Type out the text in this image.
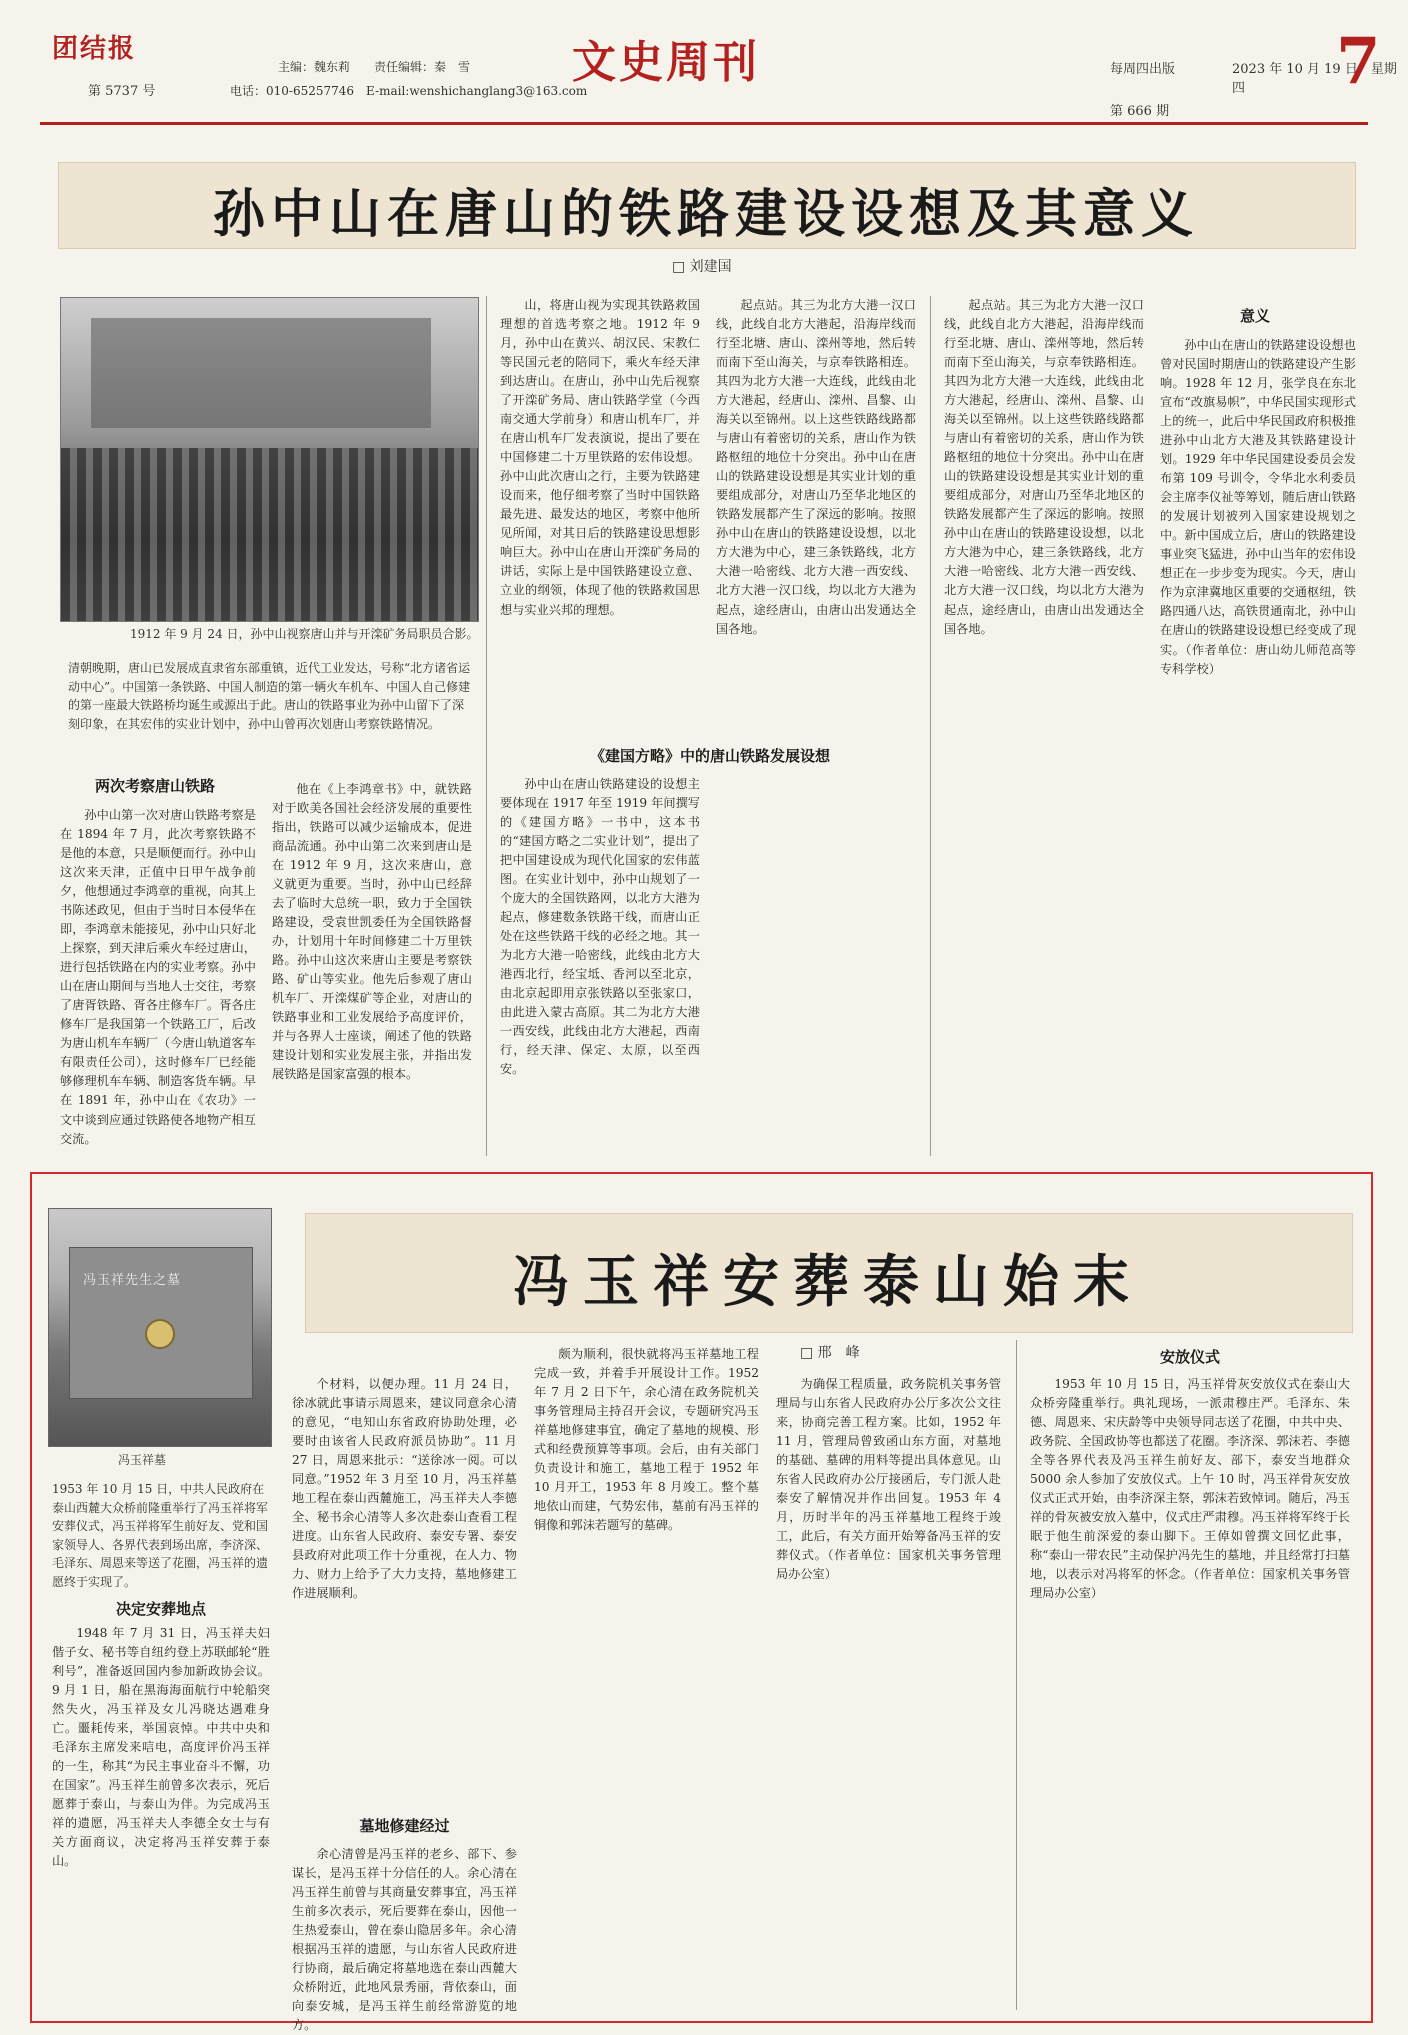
团结报
第 5737 号
主编：魏东莉　　责任编辑：秦　雪
电话：010-65257746　E-mail:wenshichanglang3@163.com
文史周刊	每周四出版
第 666 期
2023 年 10 月 19 日　星期四	7
孙中山在唐山的铁路建设设想及其意义
□ 刘建国
1912 年 9 月 24 日，孙中山视察唐山并与开滦矿务局职员合影。
清朝晚期，唐山已发展成直隶省东部重镇，近代工业发达，号称“北方诸省运动中心”。中国第一条铁路、中国人制造的第一辆火车机车、中国人自己修建的第一座最大铁路桥均诞生或源出于此。唐山的铁路事业为孙中山留下了深刻印象，在其宏伟的实业计划中，孙中山曾再次划唐山考察铁路情况。
两次考察唐山铁路
孙中山第一次对唐山铁路考察是在 1894 年 7 月，此次考察铁路不是他的本意，只是顺便而行。孙中山这次来天津，正值中日甲午战争前夕，他想通过李鸿章的重视，向其上书陈述政见，但由于当时日本侵华在即，李鸿章未能接见，孙中山只好北上探察，到天津后乘火车经过唐山，进行包括铁路在内的实业考察。孙中山在唐山期间与当地人士交往，考察了唐胥铁路、胥各庄修车厂。胥各庄修车厂是我国第一个铁路工厂，后改为唐山机车车辆厂（今唐山轨道客车有限责任公司），这时修车厂已经能够修理机车车辆、制造客货车辆。早在 1891 年，孙中山在《农功》一文中谈到应通过铁路使各地物产相互交流。
他在《上李鸿章书》中，就铁路对于欧美各国社会经济发展的重要性指出，铁路可以减少运输成本，促进商品流通。孙中山第二次来到唐山是在 1912 年 9 月，这次来唐山，意义就更为重要。当时，孙中山已经辞去了临时大总统一职，致力于全国铁路建设，受袁世凯委任为全国铁路督办，计划用十年时间修建二十万里铁路。孙中山这次来唐山主要是考察铁路、矿山等实业。他先后参观了唐山机车厂、开滦煤矿等企业，对唐山的铁路事业和工业发展给予高度评价，并与各界人士座谈，阐述了他的铁路建设计划和实业发展主张，并指出发展铁路是国家富强的根本。
山，将唐山视为实现其铁路救国理想的首选考察之地。1912 年 9 月，孙中山在黄兴、胡汉民、宋教仁等民国元老的陪同下，乘火车经天津到达唐山。在唐山，孙中山先后视察了开滦矿务局、唐山铁路学堂（今西南交通大学前身）和唐山机车厂，并在唐山机车厂发表演说，提出了要在中国修建二十万里铁路的宏伟设想。孙中山此次唐山之行，主要为铁路建设而来，他仔细考察了当时中国铁路最先进、最发达的地区，考察中他所见所闻，对其日后的铁路建设思想影响巨大。孙中山在唐山开滦矿务局的讲话，实际上是中国铁路建设立意、立业的纲领，体现了他的铁路救国思想与实业兴邦的理想。
《建国方略》中的唐山铁路发展设想
孙中山在唐山铁路建设的设想主要体现在 1917 年至 1919 年间撰写的《建国方略》一书中，这本书的“建国方略之二实业计划”，提出了把中国建设成为现代化国家的宏伟蓝图。在实业计划中，孙中山规划了一个庞大的全国铁路网，以北方大港为起点，修建数条铁路干线，而唐山正处在这些铁路干线的必经之地。其一为北方大港一哈密线，此线由北方大港西北行，经宝坻、香河以至北京，由北京起即用京张铁路以至张家口，由此进入蒙古高原。其二为北方大港一西安线，此线由北方大港起，西南行，经天津、保定、太原，以至西安。
起点站。其三为北方大港一汉口线，此线自北方大港起，沿海岸线而行至北塘、唐山、滦州等地，然后转而南下至山海关，与京奉铁路相连。其四为北方大港一大连线，此线由北方大港起，经唐山、滦州、昌黎、山海关以至锦州。以上这些铁路线路都与唐山有着密切的关系，唐山作为铁路枢纽的地位十分突出。孙中山在唐山的铁路建设设想是其实业计划的重要组成部分，对唐山乃至华北地区的铁路发展都产生了深远的影响。按照孙中山在唐山的铁路建设设想，以北方大港为中心，建三条铁路线，北方大港一哈密线、北方大港一西安线、北方大港一汉口线，均以北方大港为起点，途经唐山，由唐山出发通达全国各地。
起点站。其三为北方大港一汉口线，此线自北方大港起，沿海岸线而行至北塘、唐山、滦州等地，然后转而南下至山海关，与京奉铁路相连。其四为北方大港一大连线，此线由北方大港起，经唐山、滦州、昌黎、山海关以至锦州。以上这些铁路线路都与唐山有着密切的关系，唐山作为铁路枢纽的地位十分突出。孙中山在唐山的铁路建设设想是其实业计划的重要组成部分，对唐山乃至华北地区的铁路发展都产生了深远的影响。按照孙中山在唐山的铁路建设设想，以北方大港为中心，建三条铁路线，北方大港一哈密线、北方大港一西安线、北方大港一汉口线，均以北方大港为起点，途经唐山，由唐山出发通达全国各地。
意义
孙中山在唐山的铁路建设设想也曾对民国时期唐山的铁路建设产生影响。1928 年 12 月，张学良在东北宣布“改旗易帜”，中华民国实现形式上的统一，此后中华民国政府积极推进孙中山北方大港及其铁路建设计划。1929 年中华民国建设委员会发布第 109 号训令，令华北水利委员会主席李仪祉等筹划，随后唐山铁路的发展计划被列入国家建设规划之中。新中国成立后，唐山的铁路建设事业突飞猛进，孙中山当年的宏伟设想正在一步步变为现实。今天，唐山作为京津冀地区重要的交通枢纽，铁路四通八达，高铁贯通南北，孙中山在唐山的铁路建设设想已经变成了现实。（作者单位：唐山幼儿师范高等专科学校）
冯玉祥先生之墓
冯玉祥墓
冯玉祥安葬泰山始末
□ 邢　峰
1953 年 10 月 15 日，中共人民政府在泰山西麓大众桥前隆重举行了冯玉祥将军安葬仪式，冯玉祥将军生前好友、党和国家领导人、各界代表到场出席，李济深、毛泽东、周恩来等送了花圈，冯玉祥的遗愿终于实现了。
决定安葬地点
1948 年 7 月 31 日，冯玉祥夫妇偕子女、秘书等自纽约登上苏联邮轮“胜利号”，准备返回国内参加新政协会议。9 月 1 日，船在黑海海面航行中轮船突然失火，冯玉祥及女儿冯晓达遇难身亡。噩耗传来，举国哀悼。中共中央和毛泽东主席发来唁电，高度评价冯玉祥的一生，称其“为民主事业奋斗不懈，功在国家”。冯玉祥生前曾多次表示，死后愿葬于泰山，与泰山为伴。为完成冯玉祥的遗愿，冯玉祥夫人李德全女士与有关方面商议，决定将冯玉祥安葬于泰山。
个材料，以便办理。11 月 24 日，徐冰就此事请示周恩来，建议同意余心清的意见，“电知山东省政府协助处理，必要时由该省人民政府派员协助”。11 月 27 日，周恩来批示：“送徐冰一阅。可以同意。”1952 年 3 月至 10 月，冯玉祥墓地工程在泰山西麓施工，冯玉祥夫人李德全、秘书余心清等人多次赴泰山查看工程进度。山东省人民政府、泰安专署、泰安县政府对此项工作十分重视，在人力、物力、财力上给予了大力支持，墓地修建工作进展顺利。
墓地修建经过
余心清曾是冯玉祥的老乡、部下、参谋长，是冯玉祥十分信任的人。余心清在冯玉祥生前曾与其商量安葬事宜，冯玉祥生前多次表示，死后要葬在泰山，因他一生热爱泰山，曾在泰山隐居多年。余心清根据冯玉祥的遗愿，与山东省人民政府进行协商，最后确定将墓地选在泰山西麓大众桥附近，此地风景秀丽，背依泰山，面向泰安城，是冯玉祥生前经常游览的地方。
颇为顺利，很快就将冯玉祥墓地工程完成一致，并着手开展设计工作。1952 年 7 月 2 日下午，余心清在政务院机关事务管理局主持召开会议，专题研究冯玉祥墓地修建事宜，确定了墓地的规模、形式和经费预算等事项。会后，由有关部门负责设计和施工，墓地工程于 1952 年 10 月开工，1953 年 8 月竣工。整个墓地依山而建，气势宏伟，墓前有冯玉祥的铜像和郭沫若题写的墓碑。
为确保工程质量，政务院机关事务管理局与山东省人民政府办公厅多次公文往来，协商完善工程方案。比如，1952 年 11 月，管理局曾致函山东方面，对墓地的基础、墓碑的用料等提出具体意见。山东省人民政府办公厅接函后，专门派人赴泰安了解情况并作出回复。1953 年 4 月，历时半年的冯玉祥墓地工程终于竣工，此后，有关方面开始筹备冯玉祥的安葬仪式。（作者单位：国家机关事务管理局办公室）
安放仪式
1953 年 10 月 15 日，冯玉祥骨灰安放仪式在泰山大众桥旁隆重举行。典礼现场，一派肃穆庄严。毛泽东、朱德、周恩来、宋庆龄等中央领导同志送了花圈，中共中央、政务院、全国政协等也都送了花圈。李济深、郭沫若、李德全等各界代表及冯玉祥生前好友、部下，泰安当地群众 5000 余人参加了安放仪式。上午 10 时，冯玉祥骨灰安放仪式正式开始，由李济深主祭，郭沫若致悼词。随后，冯玉祥的骨灰被安放入墓中，仪式庄严肃穆。冯玉祥将军终于长眠于他生前深爱的泰山脚下。王倬如曾撰文回忆此事，称“泰山一带农民”主动保护冯先生的墓地，并且经常打扫墓地，以表示对冯将军的怀念。（作者单位：国家机关事务管理局办公室）
